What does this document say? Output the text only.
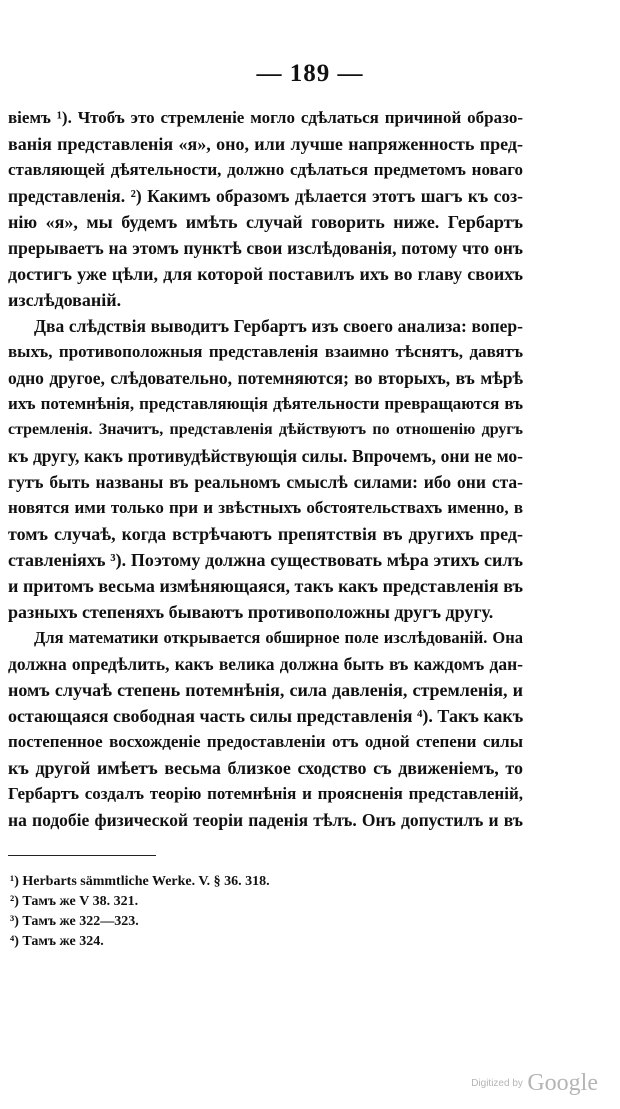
— 189 —
віемъ ¹). Чтобъ это стремленіе могло сдѣлаться причиной образо-
ванія представленія «я», оно, или лучше напряженность пред-
ставляющей дѣятельности, должно сдѣлаться предметомъ новаго
представленія. ²) Какимъ образомъ дѣлается этотъ шагъ къ соз-
нію «я», мы будемъ имѣть случай говорить ниже. Гербартъ
прерываетъ на этомъ пунктѣ свои изслѣдованія, потому что онъ
достигъ уже цѣли, для которой поставилъ ихъ во главу своихъ
изслѣдованій.
Два слѣдствія выводитъ Гербартъ изъ своего анализа: вопер-
выхъ, противоположныя представленія взаимно тѣснятъ, давятъ
одно другое, слѣдовательно, потемняются; во вторыхъ, въ мѣрѣ
ихъ потемнѣнія, представляющія дѣятельности превращаются въ
стремленія. Значитъ, представленія дѣйствуютъ по отношенію другъ
къ другу, какъ противудѣйствующія силы. Впрочемъ, они не мо-
гутъ быть названы въ реальномъ смыслѣ силами: ибо они ста-
новятся ими только при и звѣстныхъ обстоятельствахъ именно, в
томъ случаѣ, когда встрѣчаютъ препятствія въ другихъ пред-
ставленіяхъ ³). Поэтому должна существовать мѣра этихъ силъ
и притомъ весьма измѣняющаяся, такъ какъ представленія въ
разныхъ степеняхъ бываютъ противоположны другъ другу.
Для математики открывается обширное поле изслѣдованій. Она
должна опредѣлить, какъ велика должна быть въ каждомъ дан-
номъ случаѣ степень потемнѣнія, сила давленія, стремленія, и
остающаяся свободная часть силы представленія ⁴). Такъ какъ
постепенное восхожденіе предоставленіи отъ одной степени силы
къ другой имѣетъ весьма близкое сходство съ движеніемъ, то
Гербартъ создалъ теорію потемнѣнія и проясненія представленій,
на подобіе физической теоріи паденія тѣлъ. Онъ допустилъ и въ
¹) Herbarts sämmtliche Werke. V. § 36. 318.
²) Тамъ же V 38. 321.
³) Тамъ же 322—323.
⁴) Тамъ же 324.
Digitized by Google
